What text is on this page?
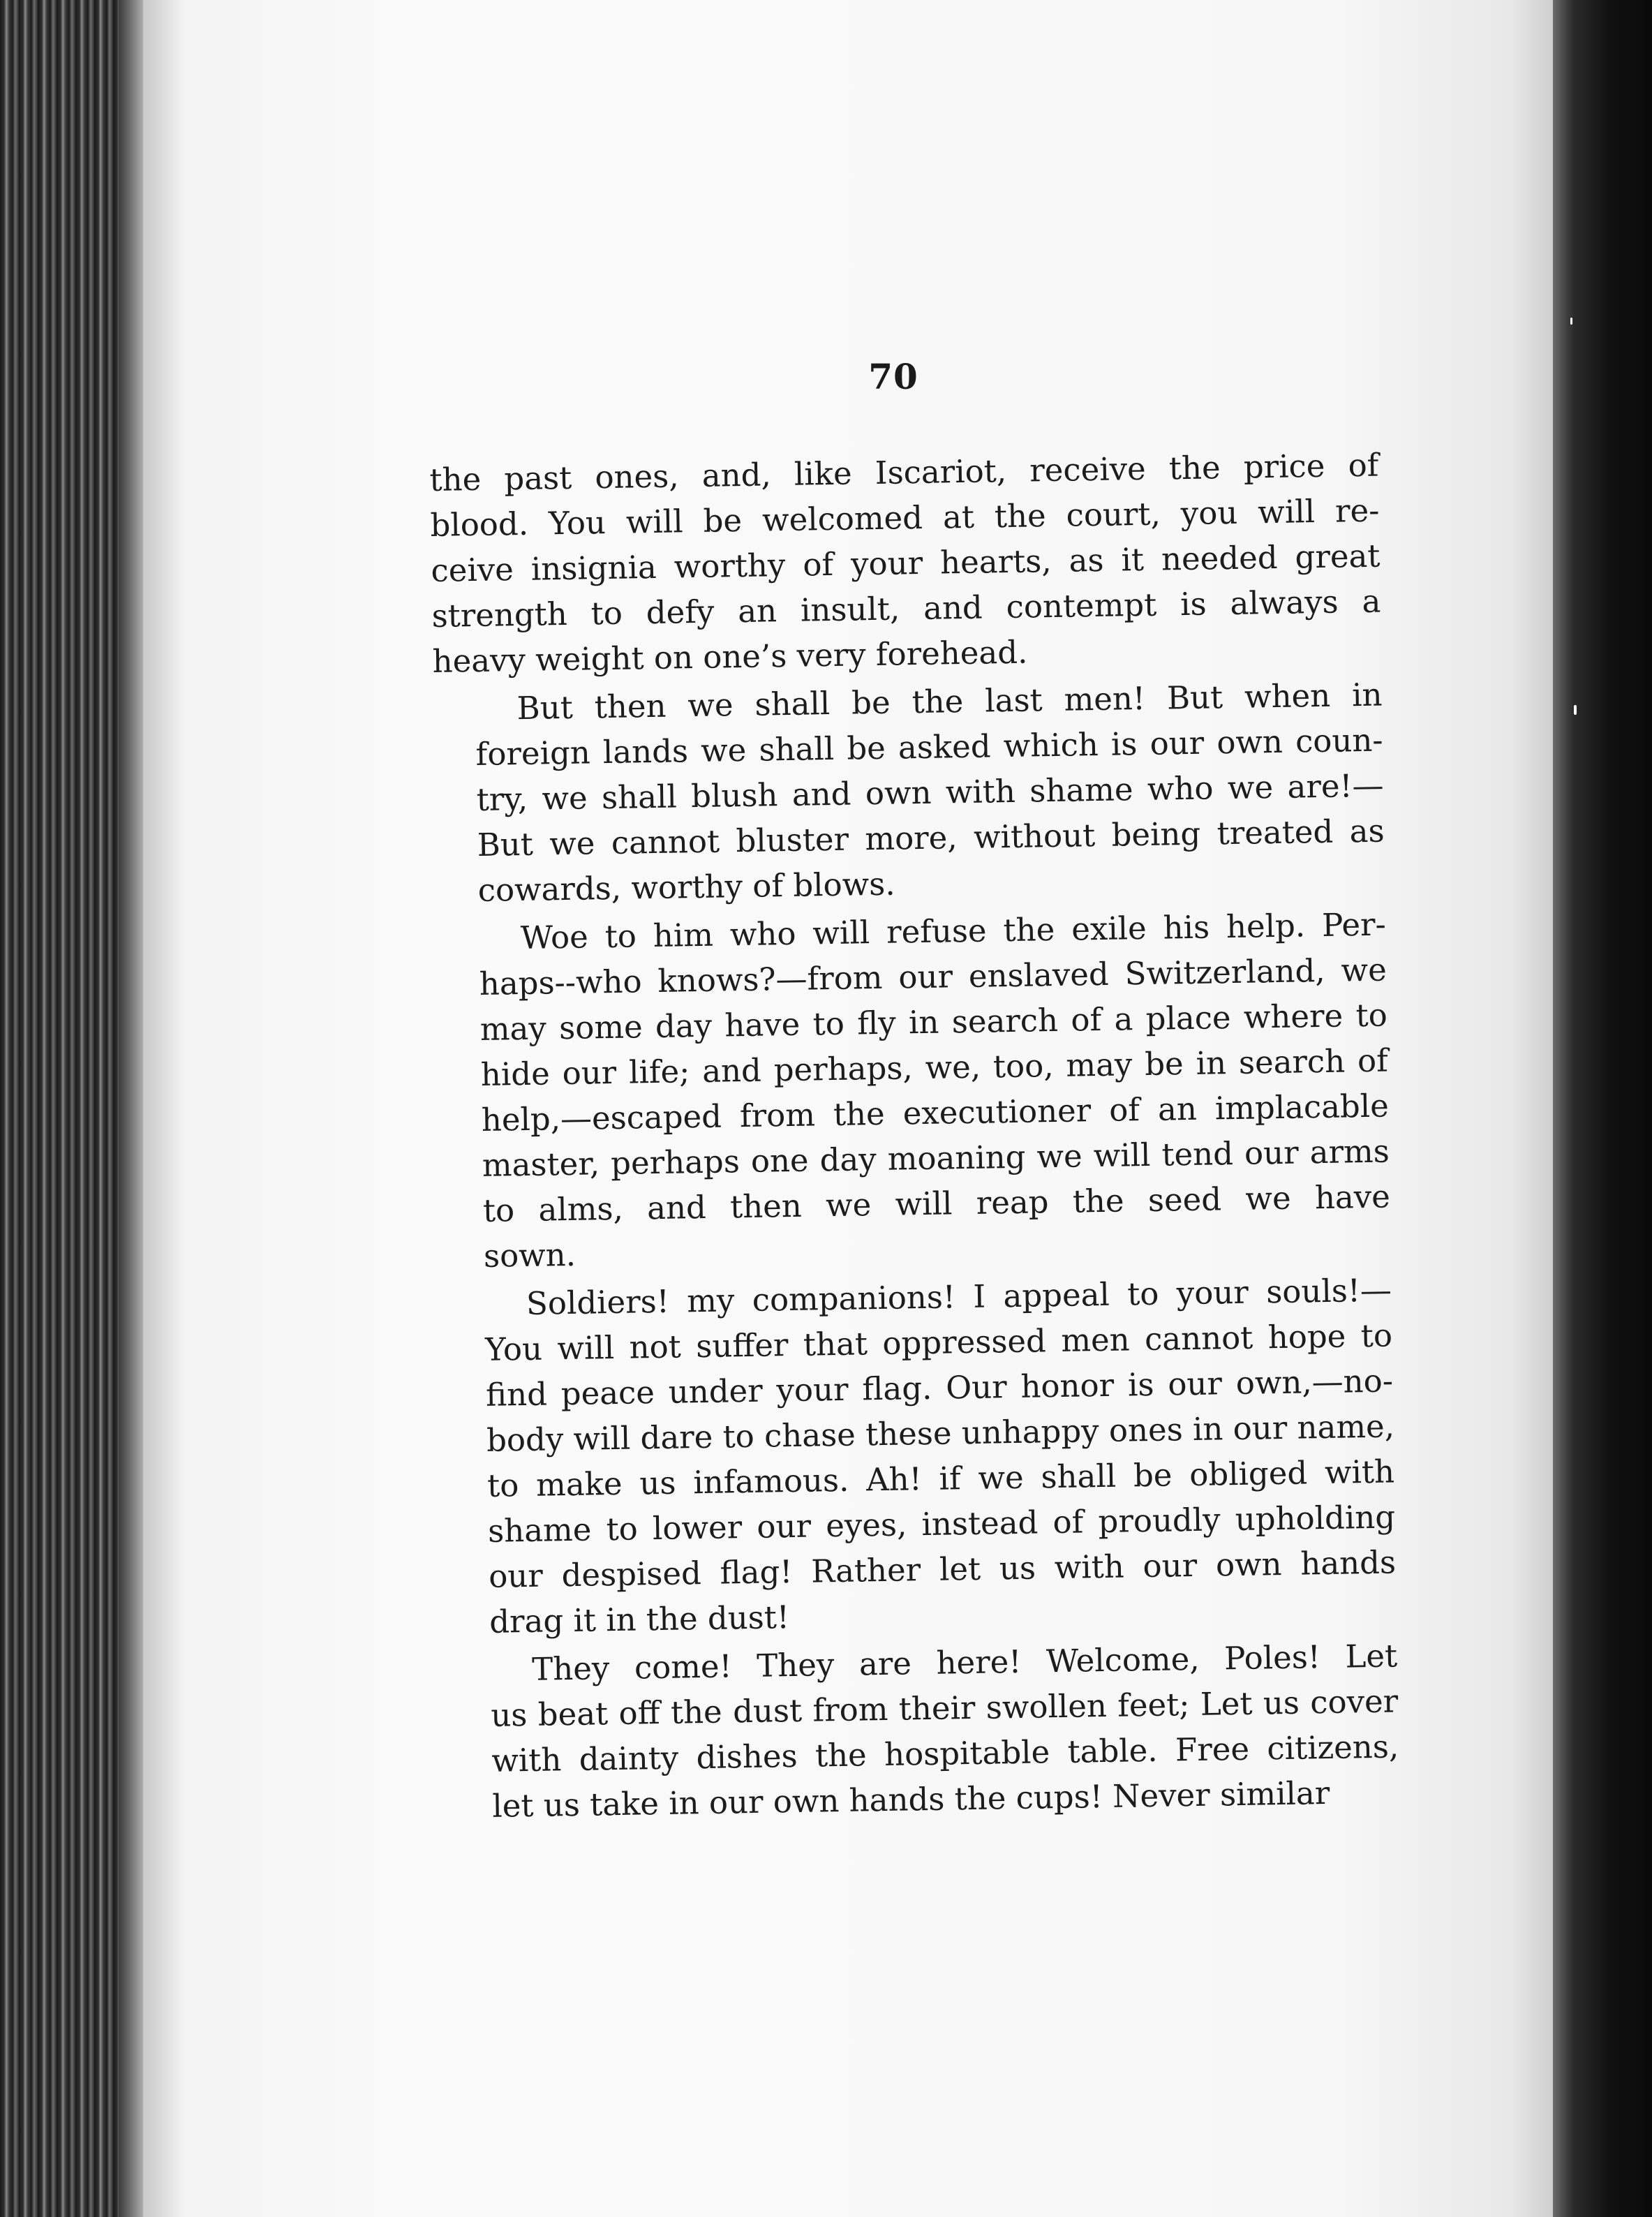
70
the past ones, and, like Iscariot, receive the price of
blood. You will be welcomed at the court, you will re-
ceive insignia worthy of your hearts, as it needed great
strength to defy an insult, and contempt is always a
heavy weight on one’s very forehead.
But then we shall be the last men! But when in
foreign lands we shall be asked which is our own coun-
try, we shall blush and own with shame who we are!—
But we cannot bluster more, without being treated as
cowards, worthy of blows.
Woe to him who will refuse the exile his help. Per-
haps--who knows?—from our enslaved Switzerland, we
may some day have to fly in search of a place where to
hide our life; and perhaps, we, too, may be in search of
help,—escaped from the executioner of an implacable
master, perhaps one day moaning we will tend our arms
to alms, and then we will reap the seed we have
sown.
Soldiers! my companions! I appeal to your souls!—
You will not suffer that oppressed men cannot hope to
find peace under your flag. Our honor is our own,—no-
body will dare to chase these unhappy ones in our name,
to make us infamous. Ah! if we shall be obliged with
shame to lower our eyes, instead of proudly upholding
our despised flag! Rather let us with our own hands
drag it in the dust!
They come! They are here! Welcome, Poles! Let
us beat off the dust from their swollen feet; Let us cover
with dainty dishes the hospitable table. Free citizens,
let us take in our own hands the cups! Never similar
